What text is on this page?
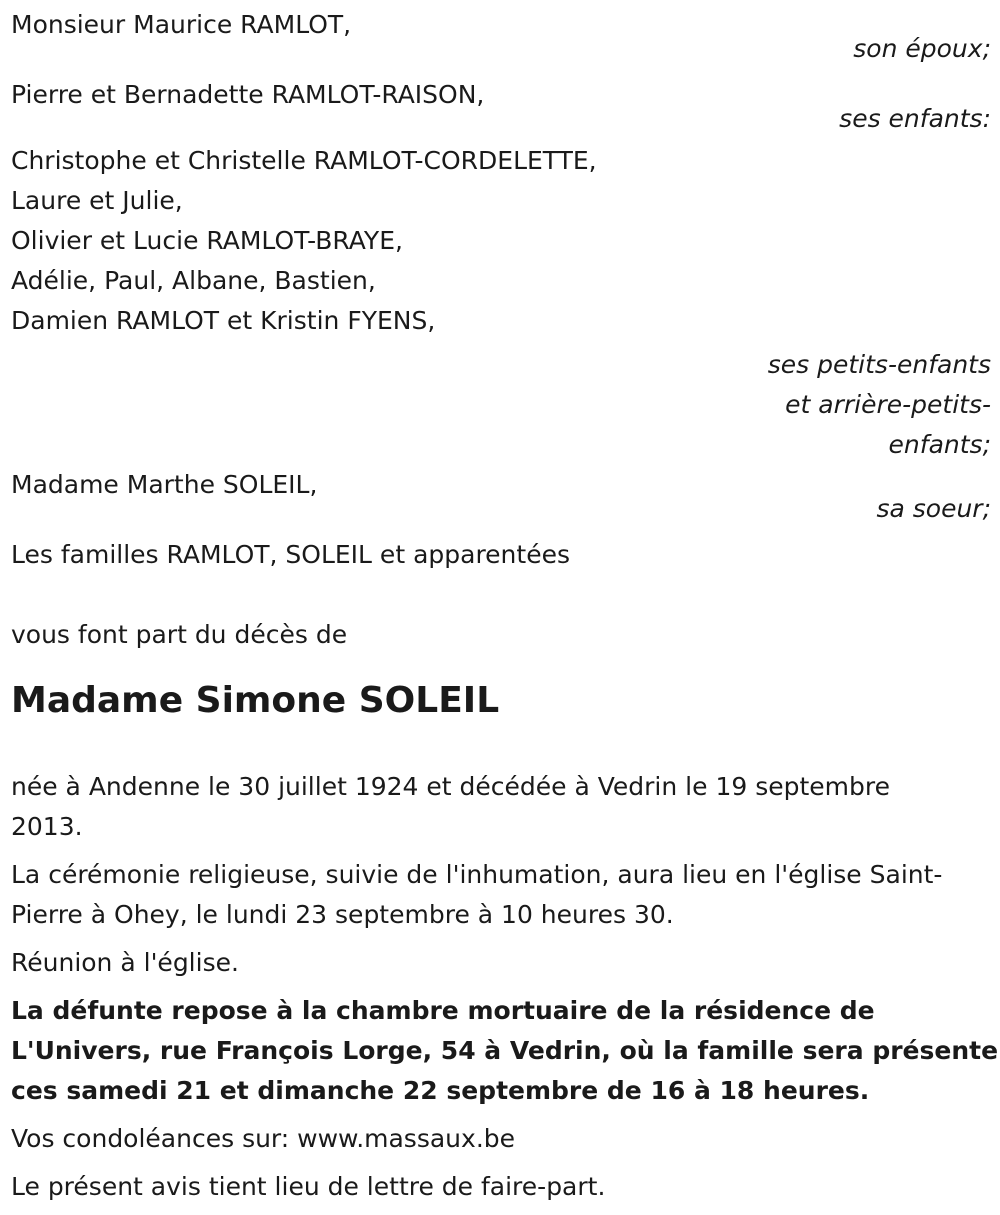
Monsieur Maurice RAMLOT,
son époux;
Pierre et Bernadette RAMLOT-RAISON,
ses enfants:
Christophe et Christelle RAMLOT-CORDELETTE,
Laure et Julie,
Olivier et Lucie RAMLOT-BRAYE,
Adélie, Paul, Albane, Bastien,
Damien RAMLOT et Kristin FYENS,
ses petits-enfants
et arrière-petits-
enfants;
Madame Marthe SOLEIL,
sa soeur;
Les familles RAMLOT, SOLEIL et apparentées
vous font part du décès de
Madame Simone SOLEIL
née à Andenne le 30 juillet 1924 et décédée à Vedrin le 19 septembre 2013.
La cérémonie religieuse, suivie de l'inhumation, aura lieu en l'église Saint-
Pierre à Ohey, le lundi 23 septembre à 10 heures 30.
Réunion à l'église.
La défunte repose à la chambre mortuaire de la résidence de
L'Univers, rue François Lorge, 54 à Vedrin, où la famille sera présente
ces samedi 21 et dimanche 22 septembre de 16 à 18 heures.
Vos condoléances sur: www.massaux.be
Le présent avis tient lieu de lettre de faire-part.
